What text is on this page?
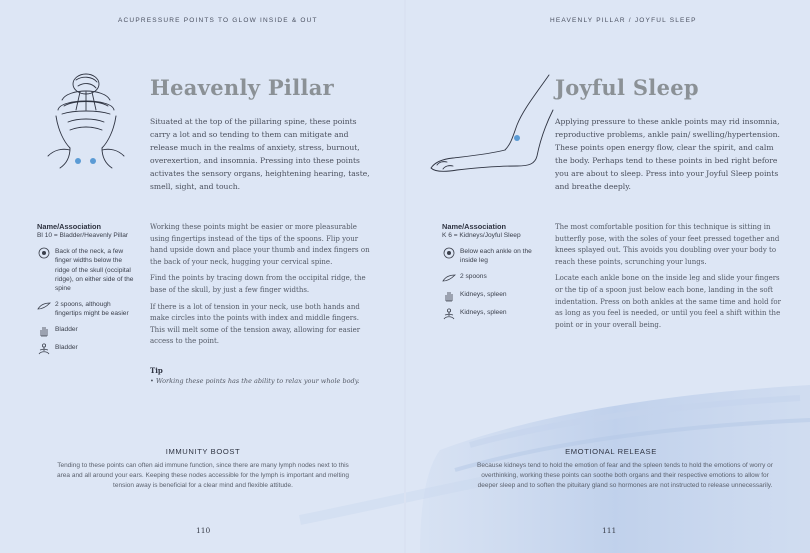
ACUPRESSURE POINTS TO GLOW INSIDE & OUT
Heavenly Pillar
Situated at the top of the pillaring spine, these points carry a lot and so tending to them can mitigate and release much in the realms of anxiety, stress, burnout, overexertion, and insomnia. Pressing into these points activates the sensory organs, heightening hearing, taste, smell, sight, and touch.
Name/Association
Bl 10 = Bladder/Heavenly Pillar
Back of the neck, a few finger widths below the ridge of the skull (occipital ridge), on either side of the spine
2 spoons, although fingertips might be easier
Bladder
Bladder

Working these points might be easier or more pleasurable using fingertips instead of the tips of the spoons. Flip your hand upside down and place your thumb and index fingers on the back of your neck, hugging your cervical spine.

Find the points by tracing down from the occipital ridge, the base of the skull, by just a few finger widths.

If there is a lot of tension in your neck, use both hands and make circles into the points with index and middle fingers. This will melt some of the tension away, allowing for easier access to the point.

Tip
• Working these points has the ability to relax your whole body.
IMMUNITY BOOST
Tending to these points can often aid immune function, since there are many lymph nodes next to this area and all around your ears. Keeping these nodes accessible for the lymph is important and melting tension away is beneficial for a clear mind and flexible attitude.
110
HEAVENLY PILLAR / JOYFUL SLEEP
Joyful Sleep
Applying pressure to these ankle points may rid insomnia, reproductive problems, ankle pain/ swelling/hypertension. These points open energy flow, clear the spirit, and calm the body. Perhaps tend to these points in bed right before you are about to sleep. Press into your Joyful Sleep points and breathe deeply.
Name/Association
K 6 = Kidneys/Joyful Sleep
Below each ankle on the inside leg
2 spoons
Kidneys, spleen
Kidneys, spleen

The most comfortable position for this technique is sitting in butterfly pose, with the soles of your feet pressed together and knees splayed out. This avoids you doubling over your body to reach these points, scrunching your lungs.

Locate each ankle bone on the inside leg and slide your fingers or the tip of a spoon just below each bone, landing in the soft indentation. Press on both ankles at the same time and hold for as long as you feel is needed, or until you feel a shift within the point or in your overall being.

EMOTIONAL RELEASE
Because kidneys tend to hold the emotion of fear and the spleen tends to hold the emotions of worry or overthinking, working these points can soothe both organs and their respective emotions to allow for deeper sleep and to soften the pituitary gland so hormones are not instructed to release unnecessarily.
111
